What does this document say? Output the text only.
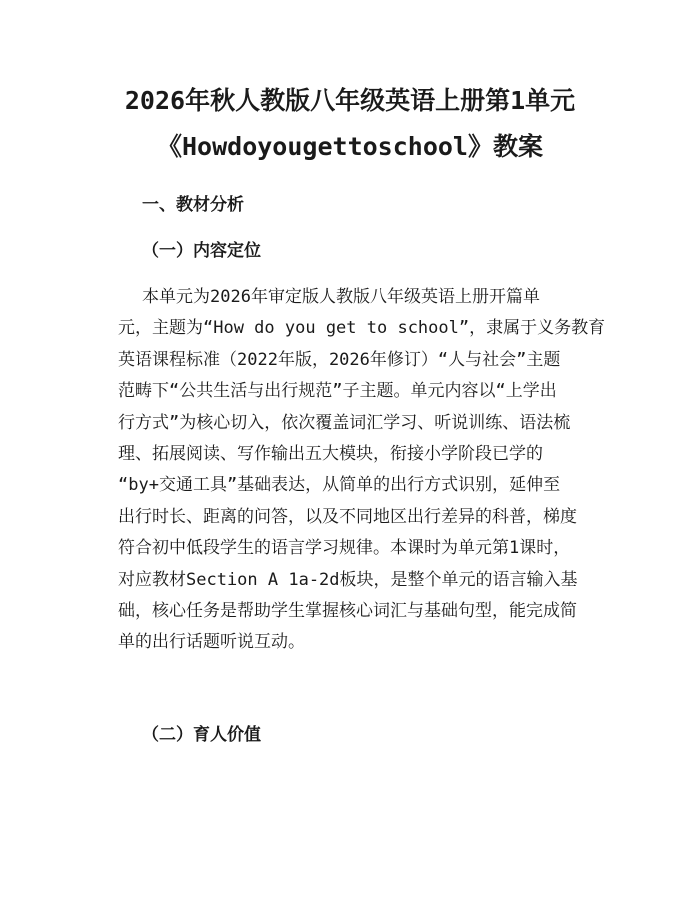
2026年秋人教版八年级英语上册第1单元
《Howdoyougettoschool》教案
一、教材分析
（一）内容定位
本单元为2026年审定版人教版八年级英语上册开篇单
元，主题为“How do you get to school”，隶属于义务教育
英语课程标准（2022年版，2026年修订）“人与社会”主题
范畴下“公共生活与出行规范”子主题。单元内容以“上学出
行方式”为核心切入，依次覆盖词汇学习、听说训练、语法梳
理、拓展阅读、写作输出五大模块，衔接小学阶段已学的
“by+交通工具”基础表达，从简单的出行方式识别，延伸至
出行时长、距离的问答，以及不同地区出行差异的科普，梯度
符合初中低段学生的语言学习规律。本课时为单元第1课时，
对应教材Section A 1a-2d板块，是整个单元的语言输入基
础，核心任务是帮助学生掌握核心词汇与基础句型，能完成简
单的出行话题听说互动。
（二）育人价值
